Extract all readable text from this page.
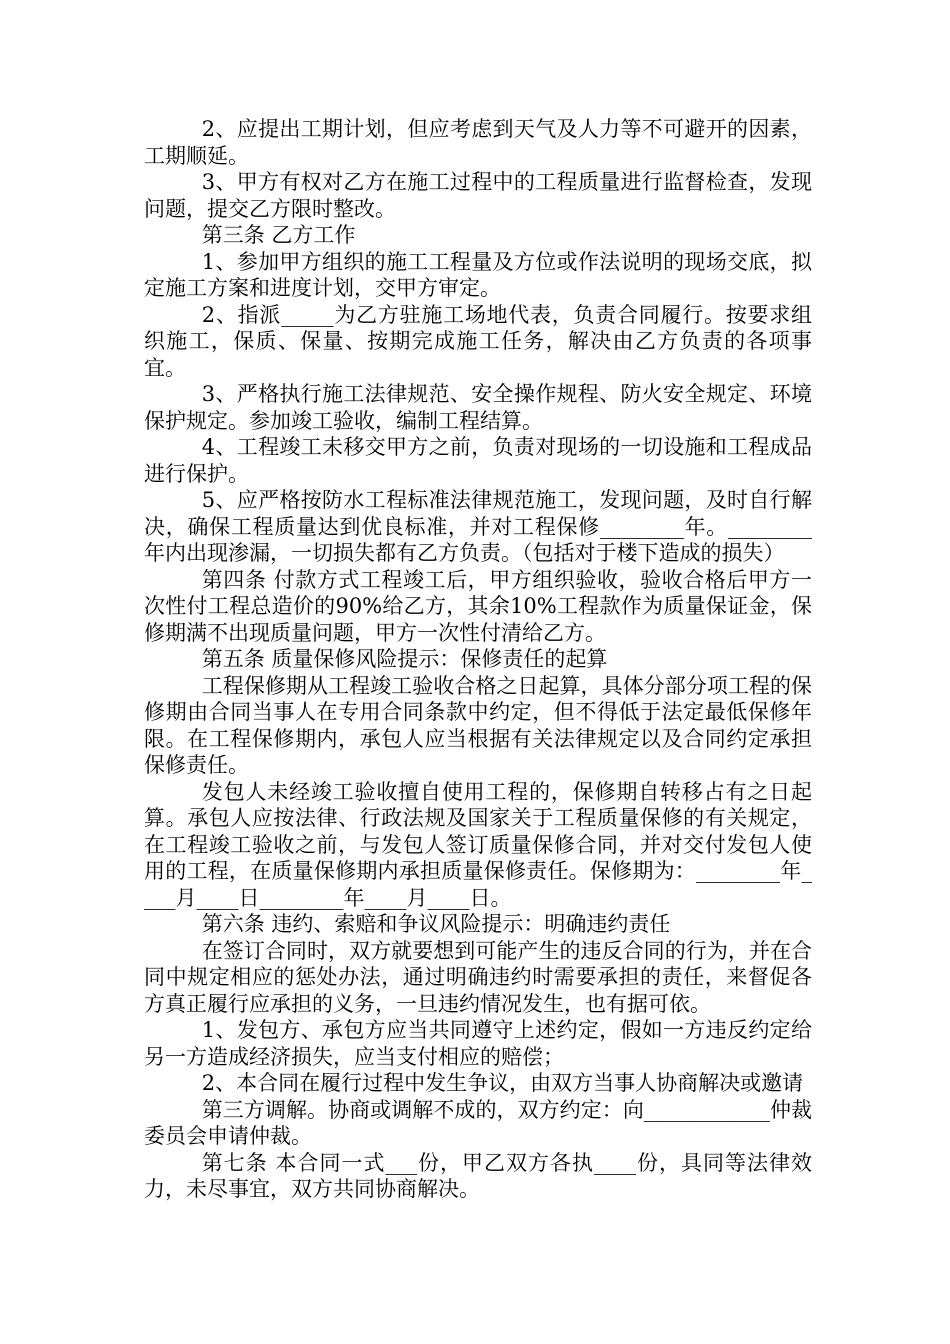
2、应提出工期计划，但应考虑到天气及人力等不可避开的因素，工期顺延。

3、甲方有权对乙方在施工过程中的工程质量进行监督检查，发现问题，提交乙方限时整改。

第三条 乙方工作

1、参加甲方组织的施工工程量及方位或作法说明的现场交底，拟定施工方案和进度计划，交甲方审定。

2、指派_____为乙方驻施工场地代表，负责合同履行。按要求组织施工，保质、保量、按期完成施工任务，解决由乙方负责的各项事宜。

3、严格执行施工法律规范、安全操作规程、防火安全规定、环境保护规定。参加竣工验收，编制工程结算。

4、工程竣工未移交甲方之前，负责对现场的一切设施和工程成品进行保护。

5、应严格按防水工程标准法律规范施工，发现问题，及时自行解决，确保工程质量达到优良标准，并对工程保修________年。________年内出现渗漏，一切损失都有乙方负责。（包括对于楼下造成的损失）

第四条 付款方式工程竣工后，甲方组织验收，验收合格后甲方一次性付工程总造价的90%给乙方，其余10%工程款作为质量保证金，保修期满不出现质量问题，甲方一次性付清给乙方。

第五条 质量保修风险提示：保修责任的起算

工程保修期从工程竣工验收合格之日起算，具体分部分项工程的保修期由合同当事人在专用合同条款中约定，但不得低于法定最低保修年限。在工程保修期内，承包人应当根据有关法律规定以及合同约定承担保修责任。

发包人未经竣工验收擅自使用工程的，保修期自转移占有之日起算。承包人应按法律、行政法规及国家关于工程质量保修的有关规定，在工程竣工验收之前，与发包人签订质量保修合同，并对交付发包人使用的工程，在质量保修期内承担质量保修责任。保修期为：________年____月____日________年____月____日。

第六条 违约、索赔和争议风险提示：明确违约责任

在签订合同时，双方就要想到可能产生的违反合同的行为，并在合同中规定相应的惩处办法，通过明确违约时需要承担的责任，来督促各方真正履行应承担的义务，一旦违约情况发生，也有据可依。

1、发包方、承包方应当共同遵守上述约定，假如一方违反约定给另一方造成经济损失，应当支付相应的赔偿；

2、本合同在履行过程中发生争议，由双方当事人协商解决或邀请

第三方调解。协商或调解不成的，双方约定：向____________仲裁委员会申请仲裁。

第七条 本合同一式___份，甲乙双方各执____份，具同等法律效力，未尽事宜，双方共同协商解决。
